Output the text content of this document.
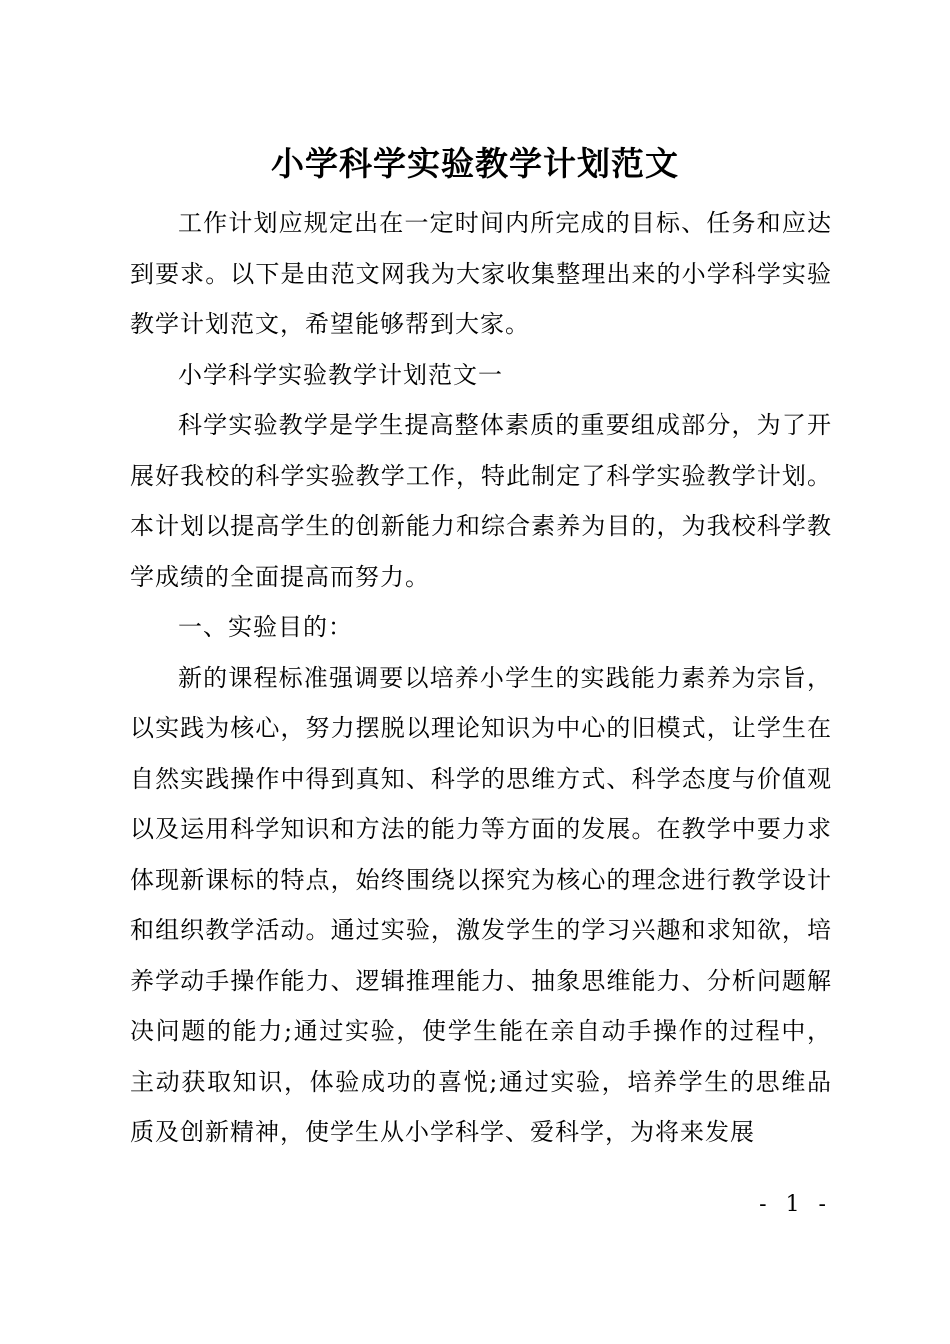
小学科学实验教学计划范文

工作计划应规定出在一定时间内所完成的目标、任务和应达到要求。以下是由范文网我为大家收集整理出来的小学科学实验教学计划范文，希望能够帮到大家。

小学科学实验教学计划范文一

科学实验教学是学生提高整体素质的重要组成部分，为了开展好我校的科学实验教学工作，特此制定了科学实验教学计划。本计划以提高学生的创新能力和综合素养为目的，为我校科学教学成绩的全面提高而努力。

一、实验目的：

新的课程标准强调要以培养小学生的实践能力素养为宗旨，以实践为核心，努力摆脱以理论知识为中心的旧模式，让学生在自然实践操作中得到真知、科学的思维方式、科学态度与价值观以及运用科学知识和方法的能力等方面的发展。在教学中要力求体现新课标的特点，始终围绕以探究为核心的理念进行教学设计和组织教学活动。通过实验，激发学生的学习兴趣和求知欲，培养学动手操作能力、逻辑推理能力、抽象思维能力、分析问题解决问题的能力;通过实验，使学生能在亲自动手操作的过程中，主动获取知识，体验成功的喜悦;通过实验，培养学生的思维品质及创新精神，使学生从小学科学、爱科学，为将来发展

- 1 -
